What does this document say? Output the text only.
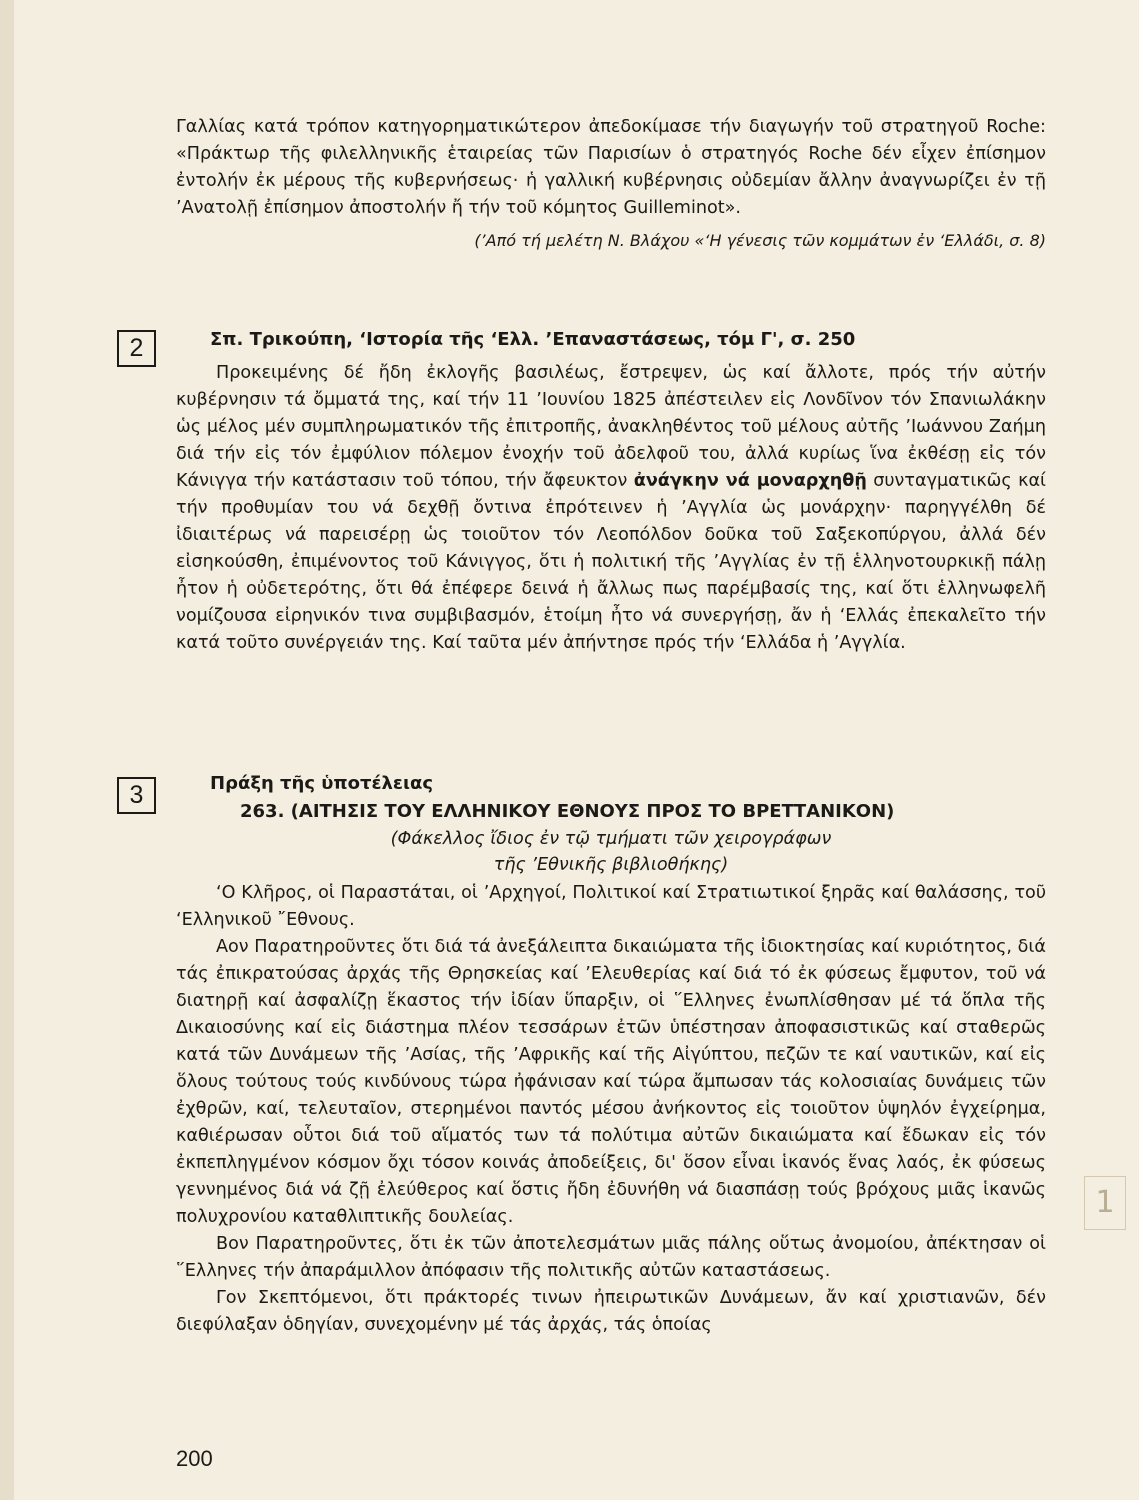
Γαλλίας κατά τρόπον κατηγορηματικώτερον ἀπεδοκίμασε τήν διαγωγήν τοῦ στρατηγοῦ Roche: «Πράκτωρ τῆς φιλελληνικῆς ἑταιρείας τῶν Παρισίων ὁ στρατηγός Roche δέν εἶχεν ἐπίσημον ἐντολήν ἐκ μέρους τῆς κυβερνήσεως· ἡ γαλλική κυβέρνησις οὐδεμίαν ἄλλην ἀναγνωρίζει ἐν τῇ ’Ανατολῇ ἐπίσημον ἀποστολήν ἤ τήν τοῦ κόμητος Guilleminot».

(’Από τή μελέτη Ν. Βλάχου «‘Η γένεσις τῶν κομμάτων ἐν ‘Ελλάδι, σ. 8)
2	Σπ. Τρικούπη, ‘Ιστορία τῆς ‘Ελλ. ’Επαναστάσεως, τόμ Γ', σ. 250

Προκειμένης δέ ἤδη ἐκλογῆς βασιλέως, ἔστρεψεν, ὡς καί ἄλλοτε, πρός τήν αὐτήν κυβέρνησιν τά ὄμματά της, καί τήν 11 ’Ιουνίου 1825 ἀπέστειλεν εἰς Λονδῖνον τόν Σπανιωλάκην ὡς μέλος μέν συμπληρωματικόν τῆς ἐπιτροπῆς, ἀνακληθέντος τοῦ μέλους αὐτῆς ’Ιωάννου Ζαήμη διά τήν εἰς τόν ἐμφύλιον πόλεμον ἐνοχήν τοῦ ἀδελφοῦ του, ἀλλά κυρίως ἵνα ἐκθέσῃ εἰς τόν Κάνιγγα τήν κατάστασιν τοῦ τόπου, τήν ἄφευκτον ἀνάγκην νά μοναρχηθῇ συνταγματικῶς καί τήν προθυμίαν του νά δεχθῇ ὄντινα ἐπρότεινεν ἡ ’Αγγλία ὡς μονάρχην· παρηγγέλθη δέ ἰδιαιτέρως νά παρεισέρῃ ὡς τοιοῦτον τόν Λεοπόλδον δοῦκα τοῦ Σαξεκοπύργου, ἀλλά δέν εἰσηκούσθη, ἐπιμένοντος τοῦ Κάνιγγος, ὅτι ἡ πολιτική τῆς ’Αγγλίας ἐν τῇ ἑλληνοτουρκικῇ πάλῃ ἦτον ἡ οὐδετερότης, ὅτι θά ἐπέφερε δεινά ἡ ἄλλως πως παρέμβασίς της, καί ὅτι ἑλληνωφελῆ νομίζουσα εἰρηνικόν τινα συμβιβασμόν, ἑτοίμη ἦτο νά συνεργήσῃ, ἄν ἡ ‘Ελλάς ἐπεκαλεῖτο τήν κατά τοῦτο συνέργειάν της. Καί ταῦτα μέν ἀπήντησε πρός τήν ‘Ελλάδα ἡ ’Αγγλία.

3	Πράξη τῆς ὑποτέλειας
263. (ΑΙΤΗΣΙΣ ΤΟΥ ΕΛΛΗΝΙΚΟΥ ΕΘΝΟΥΣ ΠΡΟΣ ΤΟ ΒΡΕΤΤΑΝΙΚΟΝ)
(Φάκελλος ἴδιος ἐν τῷ τμήματι τῶν χειρογράφων
τῆς ’Εθνικῆς βιβλιοθήκης)

‘Ο Κλῆρος, οἱ Παραστάται, οἱ ’Αρχηγοί, Πολιτικοί καί Στρατιωτικοί ξηρᾶς καί θαλάσσης, τοῦ ‘Ελληνικοῦ ῎Εθνους.

Αον Παρατηροῦντες ὅτι διά τά ἀνεξάλειπτα δικαιώματα τῆς ἰδιοκτησίας καί κυριότητος, διά τάς ἐπικρατούσας ἀρχάς τῆς Θρησκείας καί ’Ελευθερίας καί διά τό ἐκ φύσεως ἔμφυτον, τοῦ νά διατηρῇ καί ἀσφαλίζῃ ἕκαστος τήν ἰδίαν ὕπαρξιν, οἱ ῞Ελληνες ἐνωπλίσθησαν μέ τά ὅπλα τῆς Δικαιοσύνης καί εἰς διάστημα πλέον τεσσάρων ἐτῶν ὑπέστησαν ἀποφασιστικῶς καί σταθερῶς κατά τῶν Δυνάμεων τῆς ’Ασίας, τῆς ’Αφρικῆς καί τῆς Αἰγύπτου, πεζῶν τε καί ναυτικῶν, καί εἰς ὅλους τούτους τούς κινδύνους τώρα ἠφάνισαν καί τώρα ἄμπωσαν τάς κολοσιαίας δυνάμεις τῶν ἐχθρῶν, καί, τελευταῖον, στερημένοι παντός μέσου ἀνήκοντος εἰς τοιοῦτον ὑψηλόν ἐγχείρημα, καθιέρωσαν οὗτοι διά τοῦ αἵματός των τά πολύτιμα αὐτῶν δικαιώματα καί ἔδωκαν εἰς τόν ἐκπεπληγμένον κόσμον ὄχι τόσον κοινάς ἀποδείξεις, δι' ὅσον εἶναι ἱκανός ἕνας λαός, ἐκ φύσεως γεννημένος διά νά ζῇ ἐλεύθερος καί ὅστις ἤδη ἐδυνήθη νά διασπάσῃ τούς βρόχους μιᾶς ἱκανῶς πολυχρονίου καταθλιπτικῆς δουλείας.

Βον Παρατηροῦντες, ὅτι ἐκ τῶν ἀποτελεσμάτων μιᾶς πάλης οὕτως ἀνομοίου, ἀπέκτησαν οἱ ῞Ελληνες τήν ἀπαράμιλλον ἀπόφασιν τῆς πολιτικῆς αὐτῶν καταστάσεως.

Γον Σκεπτόμενοι, ὅτι πράκτορές τινων ἠπειρωτικῶν Δυνάμεων, ἄν καί χριστιανῶν, δέν διεφύλαξαν ὁδηγίαν, συνεχομένην μέ τάς ἀρχάς, τάς ὁποίας

200
1
